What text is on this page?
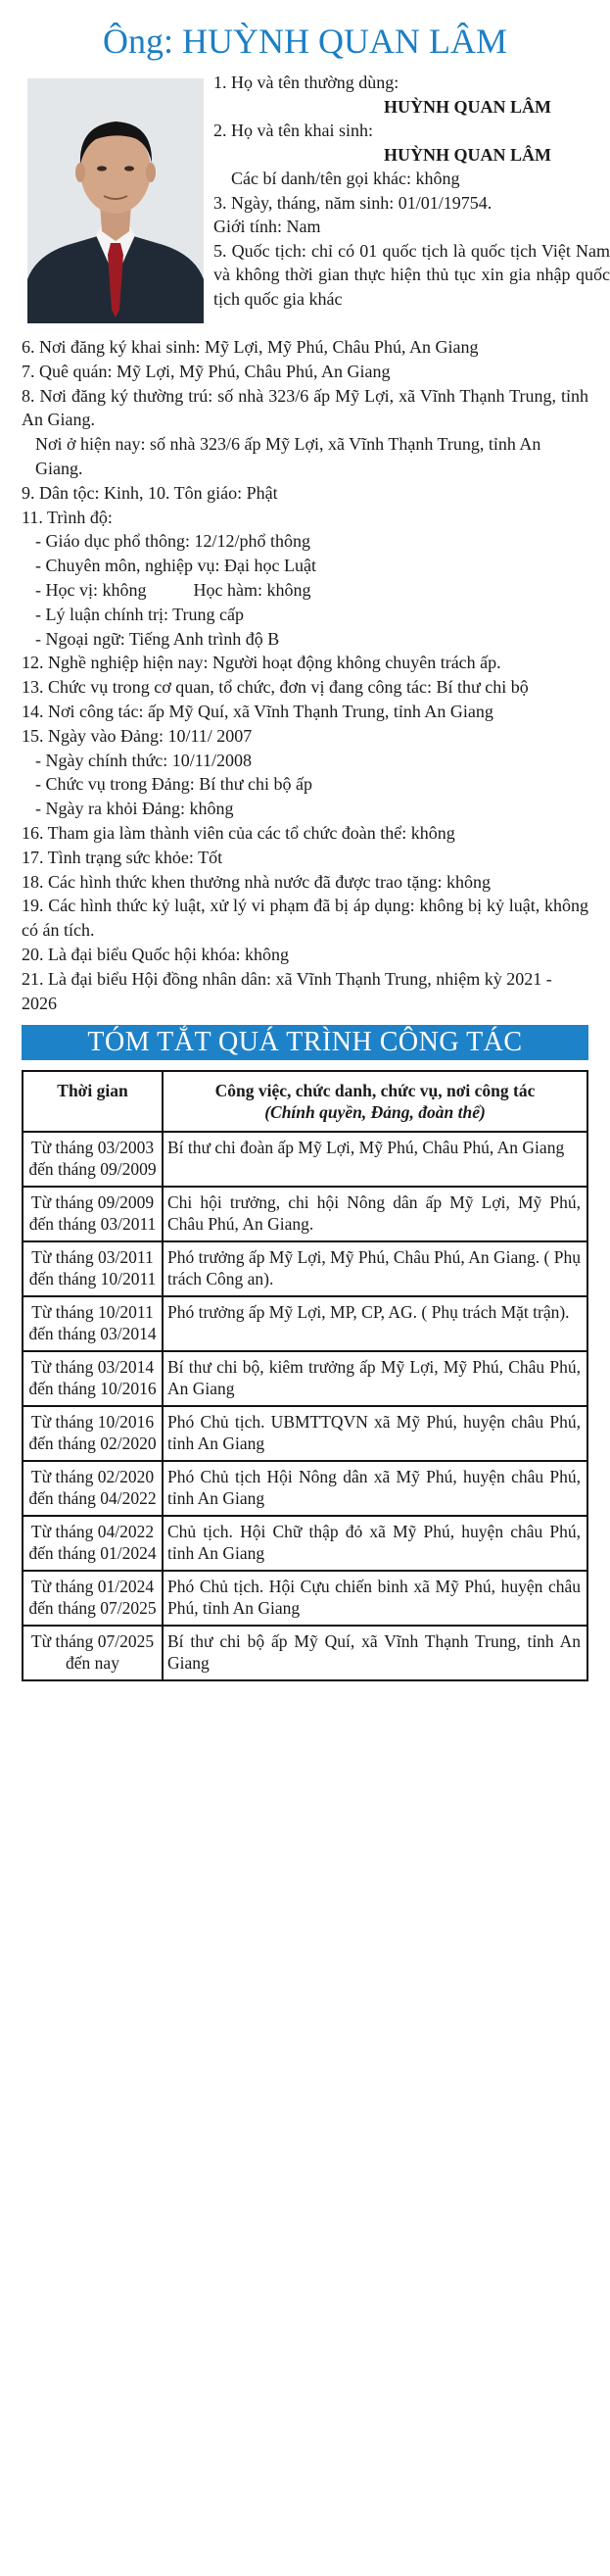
Ông: HUỲNH QUAN LÂM
1. Họ và tên thường dùng:
HUỲNH QUAN LÂM
2. Họ và tên khai sinh:
HUỲNH QUAN LÂM
Các bí danh/tên gọi khác: không
3. Ngày, tháng, năm sinh: 01/01/19754.
Giới tính: Nam
5. Quốc tịch: chỉ có 01 quốc tịch là quốc tịch Việt Nam và không thời gian thực hiện thủ tục xin gia nhập quốc tịch quốc gia khác

6. Nơi đăng ký khai sinh: Mỹ Lợi, Mỹ Phú, Châu Phú, An Giang

7. Quê quán: Mỹ Lợi, Mỹ Phú, Châu Phú, An Giang

8. Nơi đăng ký thường trú: số nhà 323/6 ấp Mỹ Lợi, xã Vĩnh Thạnh Trung, tỉnh An Giang.

Nơi ở hiện nay: số nhà 323/6 ấp Mỹ Lợi, xã Vĩnh Thạnh Trung, tỉnh An Giang.

9. Dân tộc: Kinh, 10. Tôn giáo: Phật

11. Trình độ:

- Giáo dục phổ thông: 12/12/phổ thông

- Chuyên môn, nghiệp vụ: Đại học Luật

- Học vị: không	Học hàm: không

- Lý luận chính trị: Trung cấp

- Ngoại ngữ: Tiếng Anh trình độ B

12. Nghề nghiệp hiện nay: Người hoạt động không chuyên trách ấp.

13. Chức vụ trong cơ quan, tổ chức, đơn vị đang công tác: Bí thư chi bộ

14. Nơi công tác: ấp Mỹ Quí, xã Vĩnh Thạnh Trung, tỉnh An Giang

15. Ngày vào Đảng: 10/11/ 2007

- Ngày chính thức: 10/11/2008

- Chức vụ trong Đảng: Bí thư chi bộ ấp

- Ngày ra khỏi Đảng: không

16. Tham gia làm thành viên của các tổ chức đoàn thể: không

17. Tình trạng sức khỏe: Tốt

18. Các hình thức khen thưởng nhà nước đã được trao tặng: không

19. Các hình thức kỷ luật, xử lý vi phạm đã bị áp dụng: không bị kỷ luật, không có án tích.

20. Là đại biểu Quốc hội khóa: không

21. Là đại biểu Hội đồng nhân dân: xã Vĩnh Thạnh Trung, nhiệm kỳ 2021 - 2026

TÓM TẮT QUÁ TRÌNH CÔNG TÁC
Thời gian	Công việc, chức danh, chức vụ, nơi công tác
(Chính quyền, Đảng, đoàn thể)

Từ tháng 03/2003 đến tháng 09/2009	Bí thư chi đoàn ấp Mỹ Lợi, Mỹ Phú, Châu Phú, An Giang
Từ tháng 09/2009 đến tháng 03/2011	Chi hội trưởng, chi hội Nông dân ấp Mỹ Lợi, Mỹ Phú, Châu Phú, An Giang.
Từ tháng 03/2011 đến tháng 10/2011	Phó trưởng ấp Mỹ Lợi, Mỹ Phú, Châu Phú, An Giang. ( Phụ trách Công an).
Từ tháng 10/2011 đến tháng 03/2014	Phó trưởng ấp Mỹ Lợi, MP, CP, AG. ( Phụ trách Mặt trận).
Từ tháng 03/2014 đến tháng 10/2016	Bí thư chi bộ, kiêm trưởng ấp Mỹ Lợi, Mỹ Phú, Châu Phú, An Giang
Từ tháng 10/2016 đến tháng 02/2020	Phó Chủ tịch. UBMTTQVN xã Mỹ Phú, huyện châu Phú, tỉnh An Giang
Từ tháng 02/2020 đến tháng 04/2022	Phó Chủ tịch Hội Nông dân xã Mỹ Phú, huyện châu Phú, tỉnh An Giang
Từ tháng 04/2022 đến tháng 01/2024	Chủ tịch. Hội Chữ thập đỏ xã Mỹ Phú, huyện châu Phú, tỉnh An Giang
Từ tháng 01/2024 đến tháng 07/2025	Phó Chủ tịch. Hội Cựu chiến binh xã Mỹ Phú, huyện châu Phú, tỉnh An Giang
Từ tháng 07/2025 đến nay	Bí thư chi bộ ấp Mỹ Quí, xã Vĩnh Thạnh Trung, tỉnh An Giang
